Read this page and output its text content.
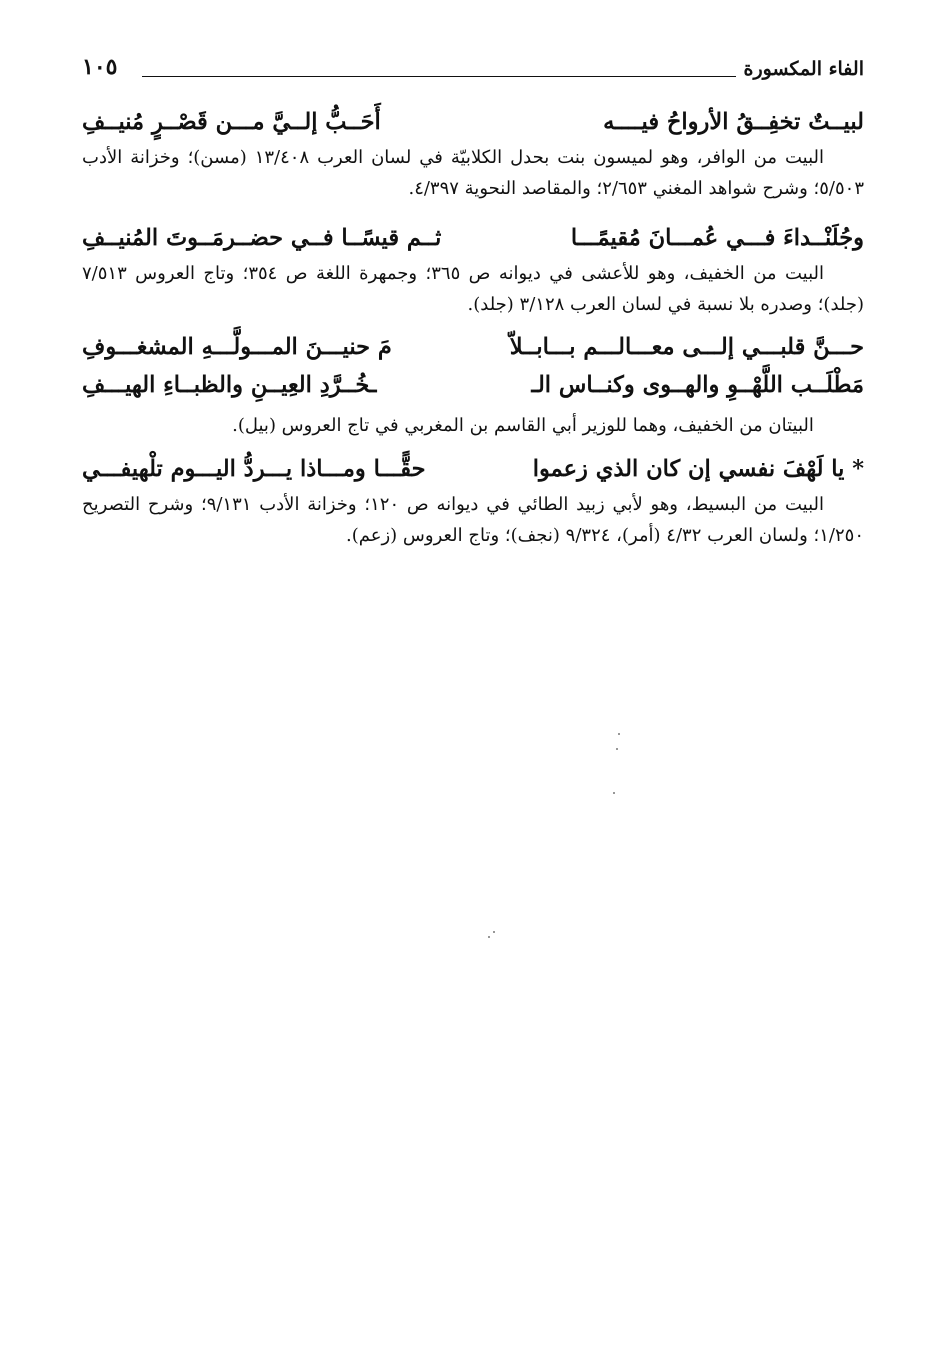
الفاء المكسورة
١٠٥
لبيــتٌ تخفِــقُ الأرواحُ فيــــه
أَحَــبُّ إلــيَّ مـــن قَصْــرٍ مُنيــفِ

البيت من الوافر، وهو لميسون بنت بحدل الكلابيّة في لسان العرب ١٣/٤٠٨ (مسن)؛ وخزانة الأدب ٥/٥٠٣؛ وشرح شواهد المغني ٢/٦٥٣؛ والمقاصد النحوية ٤/٣٩٧.

وجُلَنْــداءَ فـــي عُمـــانَ مُقيمًـــا
ثــم قيسًــا فــي حضــرمَــوتَ المُنيــفِ

البيت من الخفيف، وهو للأعشى في ديوانه ص ٣٦٥؛ وجمهرة اللغة ص ٣٥٤؛ وتاج العروس ٧/٥١٣ (جلد)؛ وصدره بلا نسبة في لسان العرب ٣/١٢٨ (جلد).

حـــنَّ قلبـــي إلـــى معـــالـــم بـــابــلاّ
مَ حنيـــنَ المـــولَّـــهِ المشغـــوفِ
مَطْلَــب اللَّهْــوِ والهــوى وكنــاس الـ
ـخُــرَّدِ العِيــنِ والظبــاءِ الهيـــفِ
البيتان من الخفيف، وهما للوزير أبي القاسم بن المغربي في تاج العروس (بيل).
* يا لَهْفَ نفسي إن كان الذي زعموا
حقًّـــا ومـــاذا يـــردُّ اليـــوم تلْهيفـــي

البيت من البسيط، وهو لأبي زبيد الطائي في ديوانه ص ١٢٠؛ وخزانة الأدب ٩/١٣١؛ وشرح التصريح ١/٢٥٠؛ ولسان العرب ٤/٣٢ (أمر)، ٩/٣٢٤ (نجف)؛ وتاج العروس (زعم).
